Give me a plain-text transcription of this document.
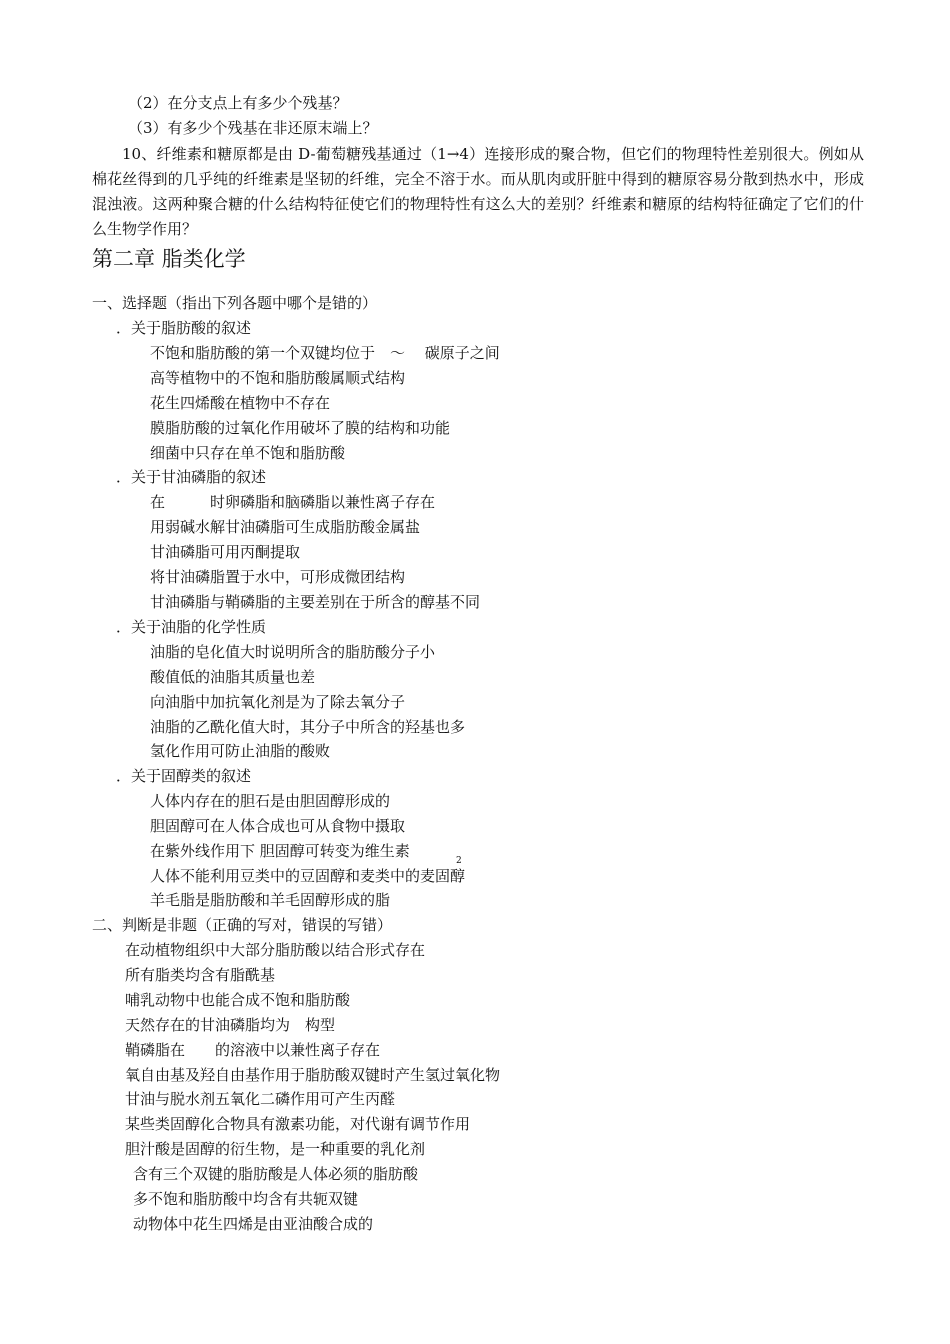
（2）在分支点上有多少个残基？
（3）有多少个残基在非还原末端上？
10、纤维素和糖原都是由 D-葡萄糖残基通过（1→4）连接形成的聚合物，但它们的物理特性差别很大。例如从棉花丝得到的几乎纯的纤维素是坚韧的纤维，完全不溶于水。而从肌肉或肝脏中得到的糖原容易分散到热水中，形成混浊液。这两种聚合糖的什么结构特征使它们的物理特性有这么大的差别？纤维素和糖原的结构特征确定了它们的什么生物学作用？
第二章 脂类化学
一、选择题（指出下列各题中哪个是错的）
．关于脂肪酸的叙述
不饱和脂肪酸的第一个双键均位于　～　 碳原子之间
高等植物中的不饱和脂肪酸属顺式结构
花生四烯酸在植物中不存在
膜脂肪酸的过氧化作用破坏了膜的结构和功能
细菌中只存在单不饱和脂肪酸
．关于甘油磷脂的叙述
在　　　时卵磷脂和脑磷脂以兼性离子存在
用弱碱水解甘油磷脂可生成脂肪酸金属盐
甘油磷脂可用丙酮提取
将甘油磷脂置于水中，可形成微团结构
甘油磷脂与鞘磷脂的主要差别在于所含的醇基不同
．关于油脂的化学性质
油脂的皂化值大时说明所含的脂肪酸分子小
酸值低的油脂其质量也差
向油脂中加抗氧化剂是为了除去氧分子
油脂的乙酰化值大时，其分子中所含的羟基也多
氢化作用可防止油脂的酸败
．关于固醇类的叙述
人体内存在的胆石是由胆固醇形成的
胆固醇可在人体合成也可从食物中摄取
在紫外线作用下 胆固醇可转变为维生素
2
人体不能利用豆类中的豆固醇和麦类中的麦固醇
羊毛脂是脂肪酸和羊毛固醇形成的脂
二、判断是非题（正确的写对，错误的写错）
在动植物组织中大部分脂肪酸以结合形式存在
所有脂类均含有脂酰基
哺乳动物中也能合成不饱和脂肪酸
天然存在的甘油磷脂均为　构型
鞘磷脂在　　的溶液中以兼性离子存在
氧自由基及羟自由基作用于脂肪酸双键时产生氢过氧化物
甘油与脱水剂五氧化二磷作用可产生丙醛
某些类固醇化合物具有激素功能，对代谢有调节作用
胆汁酸是固醇的衍生物，是一种重要的乳化剂
含有三个双键的脂肪酸是人体必须的脂肪酸
多不饱和脂肪酸中均含有共轭双键
动物体中花生四烯是由亚油酸合成的
